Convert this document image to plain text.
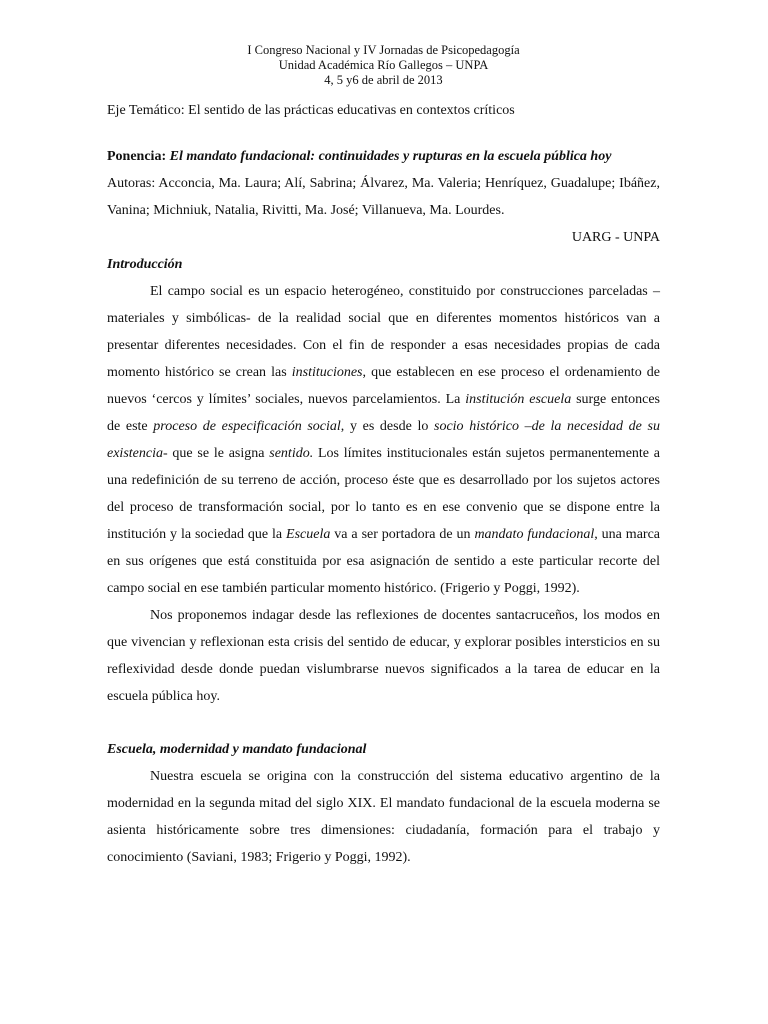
I Congreso Nacional y IV Jornadas de Psicopedagogía
Unidad Académica Río Gallegos – UNPA
4, 5 y6 de abril de 2013
Eje Temático: El sentido de las prácticas educativas en contextos críticos
Ponencia: El mandato fundacional: continuidades y rupturas en la escuela pública hoy
Autoras: Acconcia, Ma. Laura; Alí, Sabrina; Álvarez, Ma. Valeria; Henríquez, Guadalupe; Ibáñez, Vanina; Michniuk, Natalia, Rivitti, Ma. José; Villanueva, Ma. Lourdes.
UARG - UNPA
Introducción

El campo social es un espacio heterogéneo, constituido por construcciones parceladas –materiales y simbólicas- de la realidad social que en diferentes momentos históricos van a presentar diferentes necesidades. Con el fin de responder a esas necesidades propias de cada momento histórico se crean las instituciones, que establecen en ese proceso el ordenamiento de nuevos ‘cercos y límites’ sociales, nuevos parcelamientos. La institución escuela surge entonces de este proceso de especificación social, y es desde lo socio histórico –de la necesidad de su existencia- que se le asigna sentido. Los límites institucionales están sujetos permanentemente a una redefinición de su terreno de acción, proceso éste que es desarrollado por los sujetos actores del proceso de transformación social, por lo tanto es en ese convenio que se dispone entre la institución y la sociedad que la Escuela va a ser portadora de un mandato fundacional, una marca en sus orígenes que está constituida por esa asignación de sentido a este particular recorte del campo social en ese también particular momento histórico. (Frigerio y Poggi, 1992).

Nos proponemos indagar desde las reflexiones de docentes santacruceños, los modos en que vivencian y reflexionan esta crisis del sentido de educar, y explorar posibles intersticios en su reflexividad desde donde puedan vislumbrarse nuevos significados a la tarea de educar en la escuela pública hoy.

Escuela, modernidad y mandato fundacional

Nuestra escuela se origina con la construcción del sistema educativo argentino de la modernidad en la segunda mitad del siglo XIX. El mandato fundacional de la escuela moderna se asienta históricamente sobre tres dimensiones: ciudadanía, formación para el trabajo y conocimiento (Saviani, 1983; Frigerio y Poggi, 1992).
